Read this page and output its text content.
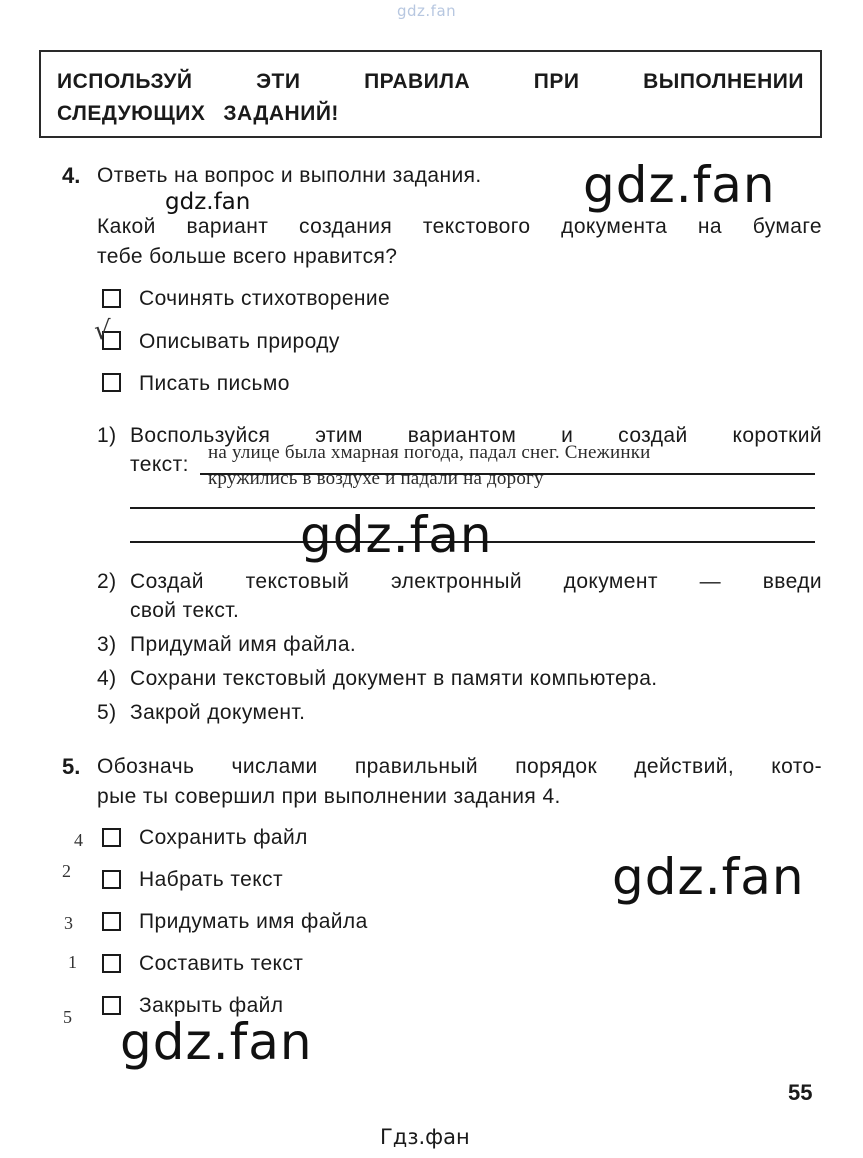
gdz.fan
ИСПОЛЬЗУЙ	ЭТИ	ПРАВИЛА	ПРИ	ВЫПОЛНЕНИИ
СЛЕДУЮЩИХ ЗАДАНИЙ!
4. Ответь на вопрос и выполни задания. gdz.fan
gdz.fan
Какой вариант создания текстового документа на бумаге
тебе больше всего нравится?
Сочинять стихотворение
√ Описывать природу
Писать письмо
1) Воспользуйся этим вариантом и создай короткий
текст:
на улице была хмарная погода, падал снег. Снежинки
кружились в воздухе и падали на дорогу
gdz.fan
2) Создай текстовый электронный документ — введи
свой текст.
3) Придумай имя файла.
4) Сохрани текстовый документ в памяти компьютера.
5) Закрой документ.
5. Обозначь числами правильный порядок действий, кото-
рые ты совершил при выполнении задания 4.
4	Сохранить файл
2	Набрать текст
3	Придумать имя файла
1	Составить текст
5	Закрыть файл
gdz.fan
gdz.fan
55
Гдз.фан
